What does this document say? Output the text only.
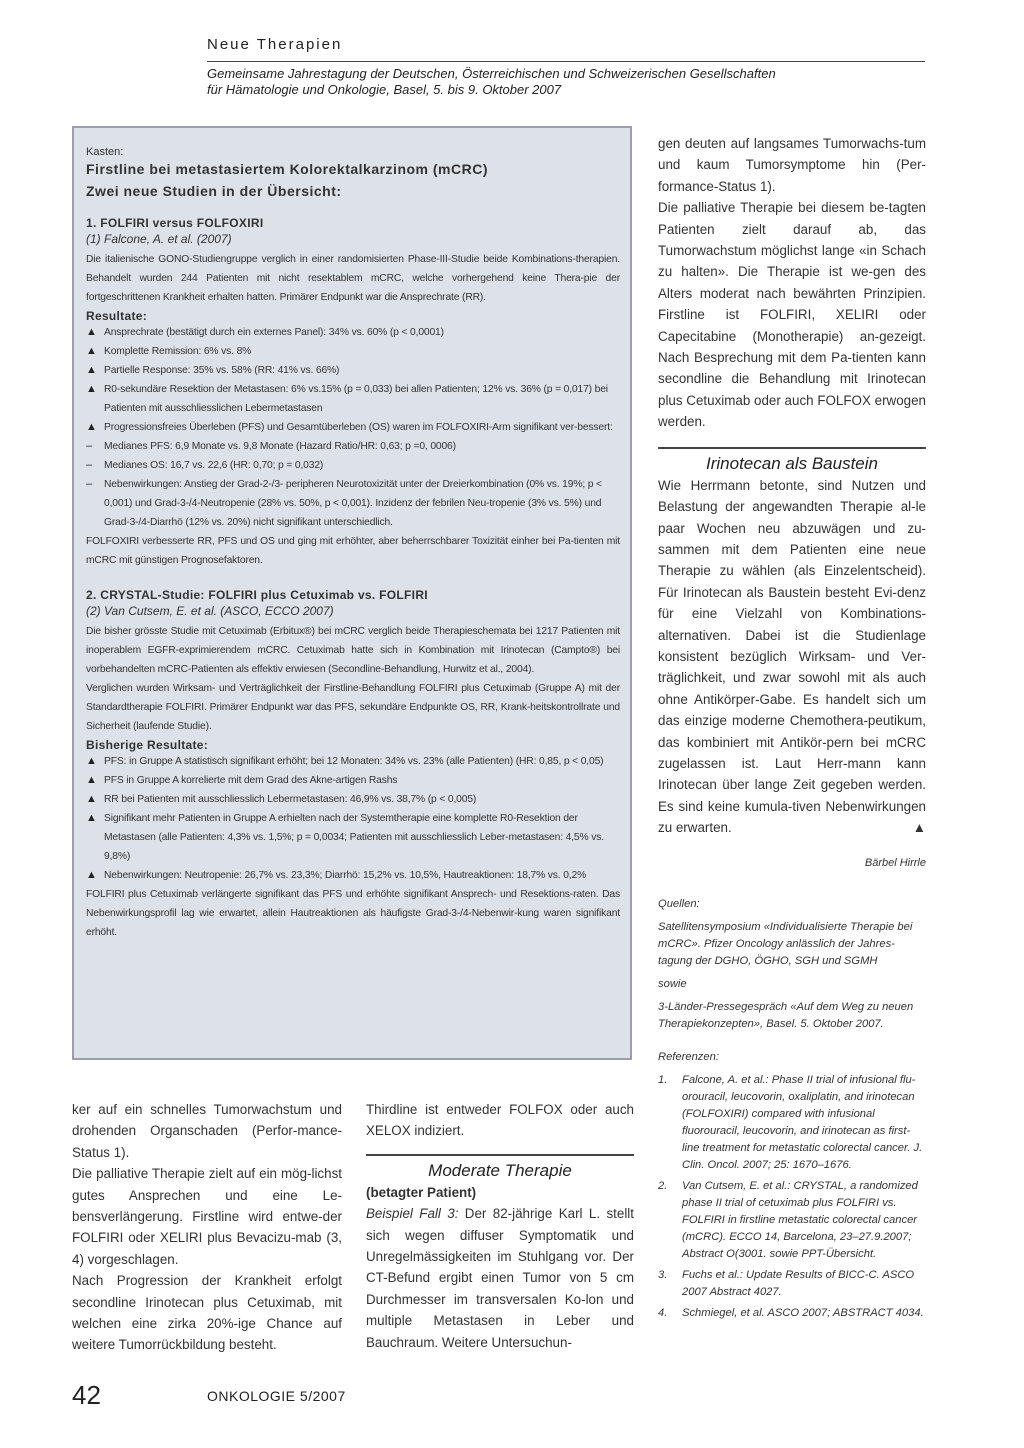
Neue Therapien
Gemeinsame Jahrestagung der Deutschen, Österreichischen und Schweizerischen Gesellschaften
für Hämatologie und Onkologie, Basel, 5. bis 9. Oktober 2007
Kasten:
Firstline bei metastasiertem Kolorektalkarzinom (mCRC)
Zwei neue Studien in der Übersicht:
1. FOLFIRI versus FOLFOXIRI
(1) Falcone, A. et al. (2007)

Die italienische GONO-Studiengruppe verglich in einer randomisierten Phase-III-Studie beide Kombinations-therapien. Behandelt wurden 244 Patienten mit nicht resektablem mCRC, welche vorhergehend keine Thera-pie der fortgeschrittenen Krankheit erhalten hatten. Primärer Endpunkt war die Ansprechrate (RR).

Resultate:
▲ Ansprechrate (bestätigt durch ein externes Panel): 34% vs. 60% (p < 0,0001)
▲ Komplette Remission: 6% vs. 8%
▲ Partielle Response: 35% vs. 58% (RR: 41% vs. 66%)
▲ R0-sekundäre Resektion der Metastasen: 6% vs.15% (p = 0,033) bei allen Patienten; 12% vs. 36% (p = 0,017) bei Patienten mit ausschliesslichen Lebermetastasen
▲ Progressionsfreies Überleben (PFS) und Gesamtüberleben (OS) waren im FOLFOXIRI-Arm signifikant ver-bessert:
– Medianes PFS: 6,9 Monate vs. 9,8 Monate (Hazard Ratio/HR: 0,63; p =0, 0006)
– Medianes OS: 16,7 vs. 22,6 (HR: 0,70; p = 0,032)
– Nebenwirkungen: Anstieg der Grad-2-/3- peripheren Neurotoxizität unter der Dreierkombination (0% vs. 19%; p < 0,001) und Grad-3-/4-Neutropenie (28% vs. 50%, p < 0,001). Inzidenz der febrilen Neu-tropenie (3% vs. 5%) und Grad-3-/4-Diarrhö (12% vs. 20%) nicht signifikant unterschiedlich.

FOLFOXIRI verbesserte RR, PFS und OS und ging mit erhöhter, aber beherrschbarer Toxizität einher bei Pa-tienten mit mCRC mit günstigen Prognosefaktoren.

2. CRYSTAL-Studie: FOLFIRI plus Cetuximab vs. FOLFIRI
(2) Van Cutsem, E. et al. (ASCO, ECCO 2007)

Die bisher grösste Studie mit Cetuximab (Erbitux®) bei mCRC verglich beide Therapieschemata bei 1217 Patienten mit inoperablem EGFR-exprimierendem mCRC. Cetuximab hatte sich in Kombination mit Irinotecan (Campto®) bei vorbehandelten mCRC-Patienten als effektiv erwiesen (Secondline-Behandlung, Hurwitz et al., 2004).

Verglichen wurden Wirksam- und Verträglichkeit der Firstline-Behandlung FOLFIRI plus Cetuximab (Gruppe A) mit der Standardtherapie FOLFIRI. Primärer Endpunkt war das PFS, sekundäre Endpunkte OS, RR, Krank-heitskontrollrate und Sicherheit (laufende Studie).

Bisherige Resultate:
▲ PFS: in Gruppe A statistisch signifikant erhöht; bei 12 Monaten: 34% vs. 23% (alle Patienten) (HR: 0,85, p < 0,05)
▲ PFS in Gruppe A korrelierte mit dem Grad des Akne-artigen Rashs
▲ RR bei Patienten mit ausschliesslich Lebermetastasen: 46,9% vs. 38,7% (p < 0,005)
▲ Signifikant mehr Patienten in Gruppe A erhielten nach der Systemtherapie eine komplette R0-Resektion der Metastasen (alle Patienten: 4,3% vs. 1,5%; p = 0,0034; Patienten mit ausschliesslich Leber-metastasen: 4,5% vs. 9,8%)
▲ Nebenwirkungen: Neutropenie: 26,7% vs. 23,3%; Diarrhö: 15,2% vs. 10,5%, Hautreaktionen: 18,7% vs. 0,2%

FOLFIRI plus Cetuximab verlängerte signifikant das PFS und erhöhte signifikant Ansprech- und Resektions-raten. Das Nebenwirkungsprofil lag wie erwartet, allein Hautreaktionen als häufigste Grad-3-/4-Nebenwir-kung waren signifikant erhöht.

ker auf ein schnelles Tumorwachstum und drohenden Organschaden (Perfor-mance-Status 1).

Die palliative Therapie zielt auf ein mög-lichst gutes Ansprechen und eine Le-bensverlängerung. Firstline wird entwe-der FOLFIRI oder XELIRI plus Bevacizu-mab (3, 4) vorgeschlagen.

Nach Progression der Krankheit erfolgt secondline Irinotecan plus Cetuximab, mit welchen eine zirka 20%-ige Chance auf weitere Tumorrückbildung besteht.

Thirdline ist entweder FOLFOX oder auch XELOX indiziert.

Moderate Therapie
(betagter Patient)

Beispiel Fall 3: Der 82-jährige Karl L. stellt sich wegen diffuser Symptomatik und Unregelmässigkeiten im Stuhlgang vor. Der CT-Befund ergibt einen Tumor von 5 cm Durchmesser im transversalen Ko-lon und multiple Metastasen in Leber und Bauchraum. Weitere Untersuchun-

gen deuten auf langsames Tumorwachs-tum und kaum Tumorsymptome hin (Per-formance-Status 1).

Die palliative Therapie bei diesem be-tagten Patienten zielt darauf ab, das Tumorwachstum möglichst lange «in Schach zu halten». Die Therapie ist we-gen des Alters moderat nach bewährten Prinzipien. Firstline ist FOLFIRI, XELIRI oder Capecitabine (Monotherapie) an-gezeigt. Nach Besprechung mit dem Pa-tienten kann secondline die Behandlung mit Irinotecan plus Cetuximab oder auch FOLFOX erwogen werden.

Irinotecan als Baustein

Wie Herrmann betonte, sind Nutzen und Belastung der angewandten Therapie al-le paar Wochen neu abzuwägen und zu-sammen mit dem Patienten eine neue Therapie zu wählen (als Einzelentscheid). Für Irinotecan als Baustein besteht Evi-denz für eine Vielzahl von Kombinations-alternativen. Dabei ist die Studienlage konsistent bezüglich Wirksam- und Ver-träglichkeit, und zwar sowohl mit als auch ohne Antikörper-Gabe. Es handelt sich um das einzige moderne Chemothera-peutikum, das kombiniert mit Antikör-pern bei mCRC zugelassen ist. Laut Herr-mann kann Irinotecan über lange Zeit gegeben werden. Es sind keine kumula-tiven Nebenwirkungen zu erwarten.	▲

Bärbel Hirrle

Quellen:

Satellitensymposium «Individualisierte Therapie bei mCRC». Pfizer Oncology anlässlich der Jahres-tagung der DGHO, ÖGHO, SGH und SGMH

sowie

3-Länder-Pressegespräch «Auf dem Weg zu neuen Therapiekonzepten», Basel. 5. Oktober 2007.

Referenzen:

1.	Falcone, A. et al.: Phase II trial of infusional flu-orouracil, leucovorin, oxaliplatin, and irinotecan (FOLFOXIRI) compared with infusional fluorouracil, leucovorin, and irinotecan as first-line treatment for metastatic colorectal cancer. J. Clin. Oncol. 2007; 25: 1670–1676.
2.	Van Cutsem, E. et al.: CRYSTAL, a randomized phase II trial of cetuximab plus FOLFIRI vs. FOLFIRI in firstline metastatic colorectal cancer (mCRC). ECCO 14, Barcelona, 23–27.9.2007; Abstract O(3001. sowie PPT-Übersicht.
3.	Fuchs et al.: Update Results of BICC-C. ASCO 2007 Abstract 4027.
4.	Schmiegel, et al. ASCO 2007; ABSTRACT 4034.
42	ONKOLOGIE 5/2007
